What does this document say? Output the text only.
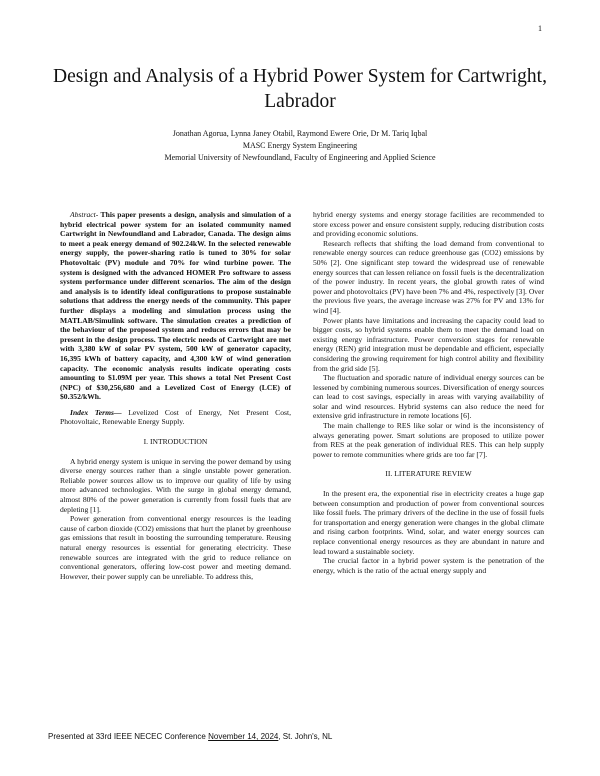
1
Design and Analysis of a Hybrid Power System for Cartwright, Labrador
Jonathan Agorua, Lynna Janey Otabil, Raymond Ewere Orie, Dr M. Tariq Iqbal
MASC Energy System Engineering
Memorial University of Newfoundland, Faculty of Engineering and Applied Science

Abstract- This paper presents a design, analysis and simulation of a hybrid electrical power system for an isolated community named Cartwright in Newfoundland and Labrador, Canada. The design aims to meet a peak energy demand of 902.24kW. In the selected renewable energy supply, the power-sharing ratio is tuned to 30% for solar Photovoltaic (PV) module and 70% for wind turbine power. The system is designed with the advanced HOMER Pro software to assess system performance under different scenarios. The aim of the design and analysis is to identify ideal configurations to propose sustainable solutions that address the energy needs of the community. This paper further displays a modeling and simulation process using the MATLAB/Simulink software. The simulation creates a prediction of the behaviour of the proposed system and reduces errors that may be present in the design process. The electric needs of Cartwright are met with 3,380 kW of solar PV system, 500 kW of generator capacity, 16,395 kWh of battery capacity, and 4,300 kW of wind generation capacity. The economic analysis results indicate operating costs amounting to $1.09M per year. This shows a total Net Present Cost (NPC) of $30,256,680 and a Levelized Cost of Energy (LCE) of $0.352/kWh.

Index Terms— Levelized Cost of Energy, Net Present Cost, Photovoltaic, Renewable Energy Supply.

I. INTRODUCTION

A hybrid energy system is unique in serving the power demand by using diverse energy sources rather than a single unstable power generation. Reliable power sources allow us to improve our quality of life by using more advanced technologies. With the surge in global energy demand, almost 80% of the power generation is currently from fossil fuels that are depleting [1].

Power generation from conventional energy resources is the leading cause of carbon dioxide (CO2) emissions that hurt the planet by greenhouse gas emissions that result in boosting the surrounding temperature. Reusing natural energy resources is essential for generating electricity. These renewable sources are integrated with the grid to reduce reliance on conventional generators, offering low-cost power and meeting demand. However, their power supply can be unreliable. To address this,

hybrid energy systems and energy storage facilities are recommended to store excess power and ensure consistent supply, reducing distribution costs and providing economic solutions.

Research reflects that shifting the load demand from conventional to renewable energy sources can reduce greenhouse gas (CO2) emissions by 50% [2]. One significant step toward the widespread use of renewable energy sources that can lessen reliance on fossil fuels is the decentralization of the power industry. In recent years, the global growth rates of wind power and photovoltaics (PV) have been 7% and 4%, respectively [3]. Over the previous five years, the average increase was 27% for PV and 13% for wind [4].

Power plants have limitations and increasing the capacity could lead to bigger costs, so hybrid systems enable them to meet the demand load on existing energy infrastructure. Power conversion stages for renewable energy (REN) grid integration must be dependable and efficient, especially considering the growing requirement for high control ability and flexibility from the grid side [5].

The fluctuation and sporadic nature of individual energy sources can be lessened by combining numerous sources. Diversification of energy sources can lead to cost savings, especially in areas with varying availability of solar and wind resources. Hybrid systems can also reduce the need for extensive grid infrastructure in remote locations [6].

The main challenge to RES like solar or wind is the inconsistency of always generating power. Smart solutions are proposed to utilize power from RES at the peak generation of individual RES. This can help supply power to remote communities where grids are too far [7].

II. LITERATURE REVIEW

In the present era, the exponential rise in electricity creates a huge gap between consumption and production of power from conventional sources like fossil fuels. The primary drivers of the decline in the use of fossil fuels for transportation and energy generation were changes in the global climate and rising carbon footprints. Wind, solar, and water energy sources can replace conventional energy resources as they are abundant in nature and lead toward a sustainable society.

The crucial factor in a hybrid power system is the penetration of the energy, which is the ratio of the actual energy supply and

Presented at 33rd IEEE NECEC Conference November 14, 2024, St. John's, NL
